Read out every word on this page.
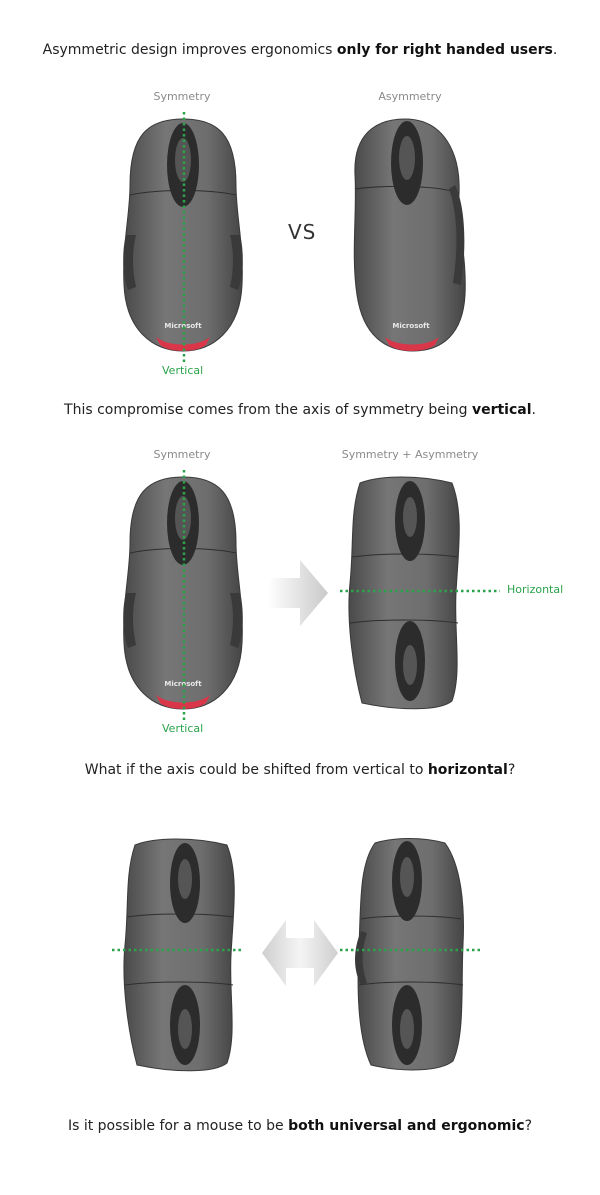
Asymmetric design improves ergonomics only for right handed users.
Symmetry	Asymmetry
Microsoft
Vertical
VS
Microsoft
This compromise comes from the axis of symmetry being vertical.
Symmetry	Symmetry + Asymmetry
Microsoft
Vertical
Horizontal
What if the axis could be shifted from vertical to horizontal?
Is it possible for a mouse to be both universal and ergonomic?
